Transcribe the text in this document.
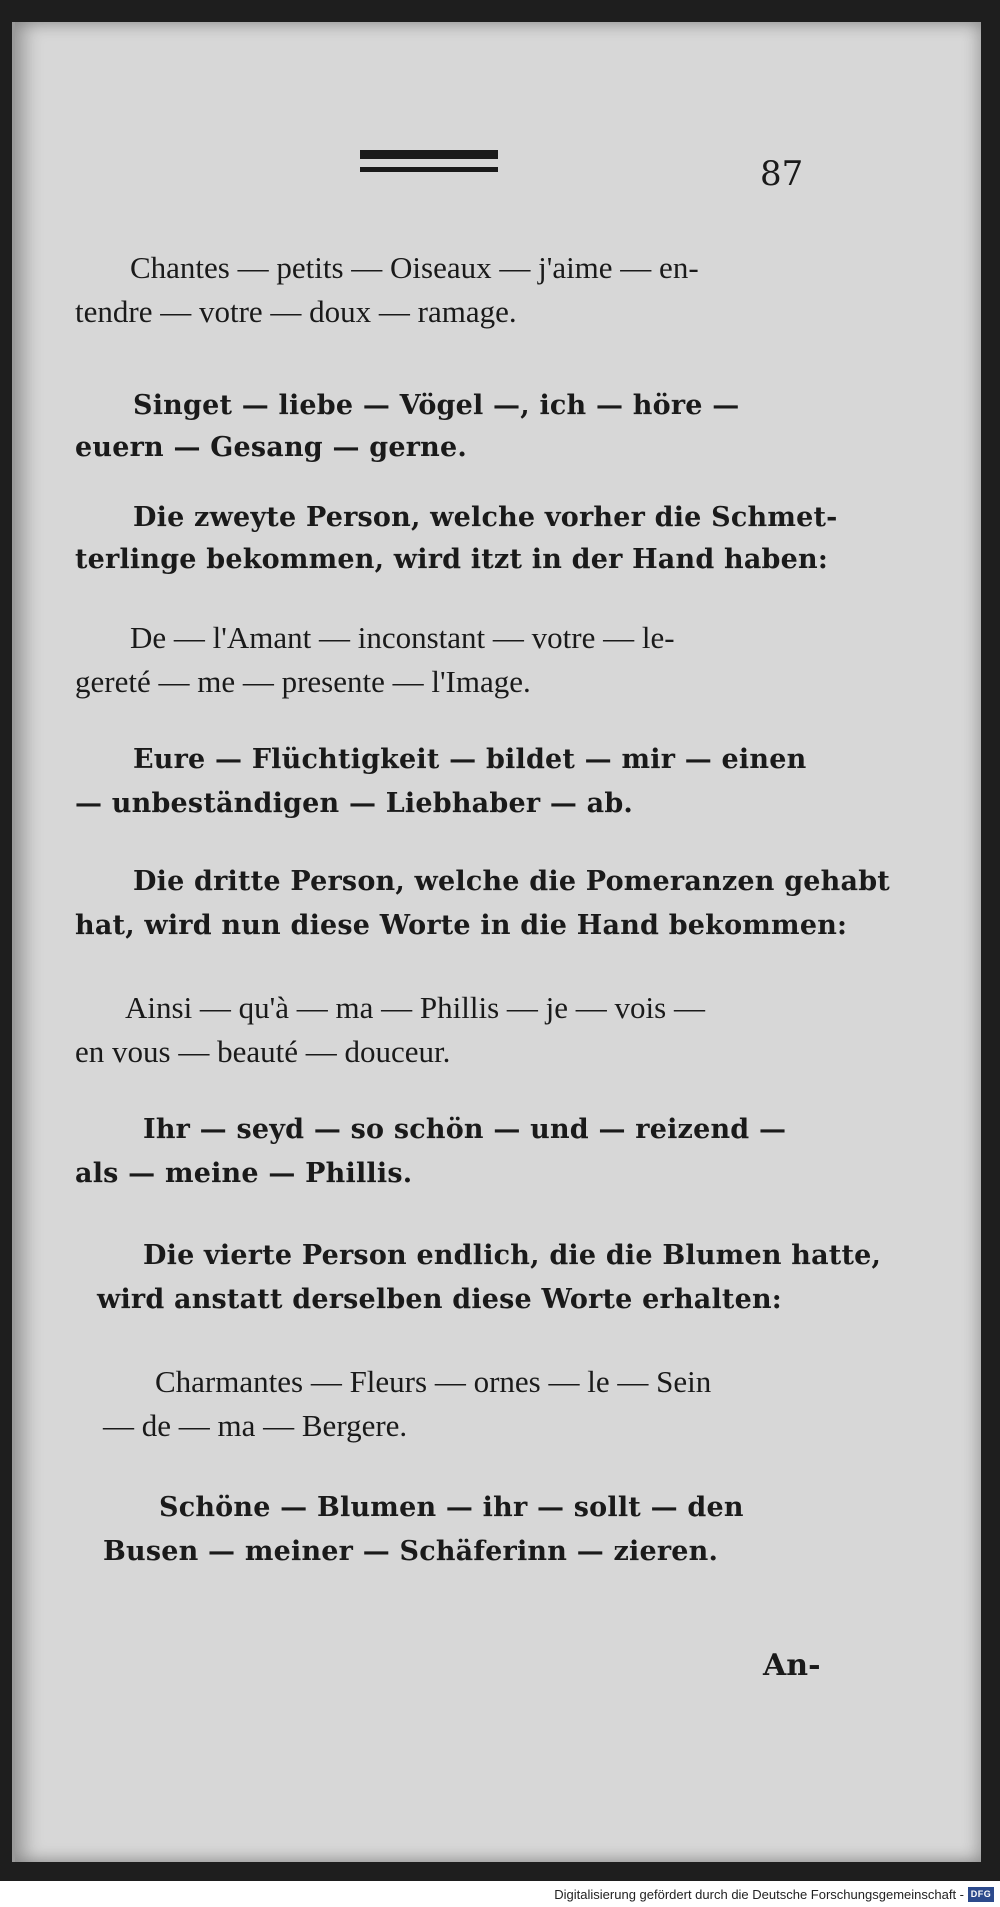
87

Chantes — petits — Oiseaux — j'aime — en-

tendre — votre — doux — ramage.

Singet — liebe — Vögel —, ich — höre —

euern — Gesang — gerne.

Die zweyte Person, welche vorher die Schmet-

terlinge bekommen, wird itzt in der Hand haben:

De — l'Amant — inconstant — votre — le-

gereté — me — presente — l'Image.

Eure — Flüchtigkeit — bildet — mir — einen

— unbeständigen — Liebhaber — ab.

Die dritte Person, welche die Pomeranzen gehabt

hat, wird nun diese Worte in die Hand bekommen:

Ainsi — qu'à — ma — Phillis — je — vois —

en vous — beauté — douceur.

Ihr — seyd — so schön — und — reizend —

als — meine — Phillis.

Die vierte Person endlich, die die Blumen hatte,

wird anstatt derselben diese Worte erhalten:

Charmantes — Fleurs — ornes — le — Sein

— de — ma — Bergere.

Schöne — Blumen — ihr — sollt — den

Busen — meiner — Schäferinn — zieren.

An-
Digitalisierung gefördert durch die Deutsche Forschungsgemeinschaft - DFG
